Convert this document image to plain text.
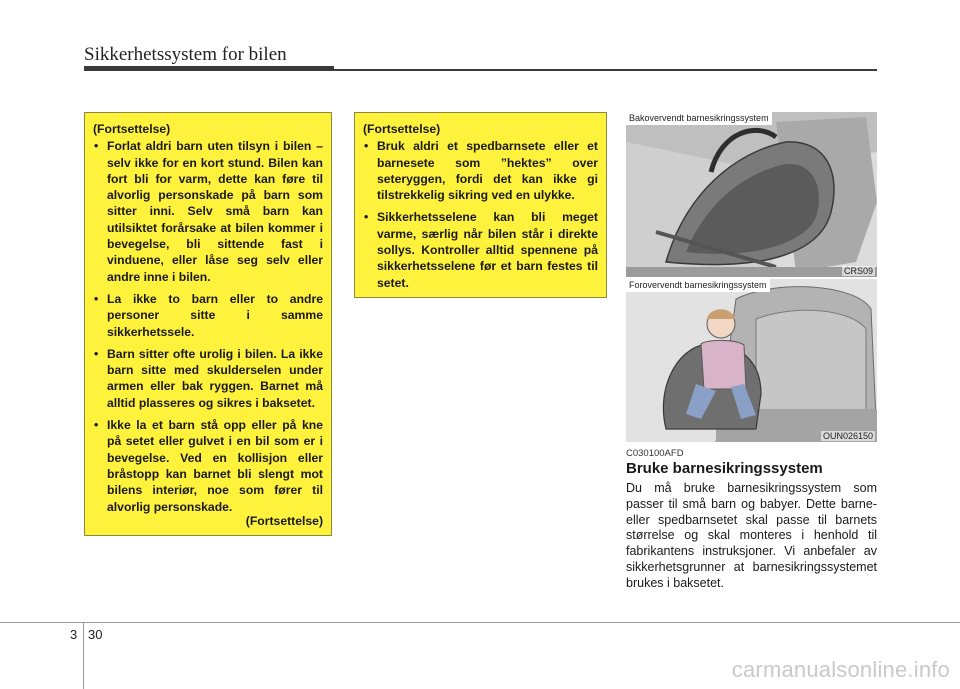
Sikkerhetssystem for bilen
(Fortsettelse)
• Forlat aldri barn uten tilsyn i bilen – selv ikke for en kort stund. Bilen kan fort bli for varm, dette kan føre til alvorlig personskade på barn som sitter inni. Selv små barn kan utilsiktet forårsake at bilen kommer i bevegelse, bli sittende fast i vinduene, eller låse seg selv eller andre inne i bilen.
• La ikke to barn eller to andre personer sitte i samme sikkerhetssele.
• Barn sitter ofte urolig i bilen. La ikke barn sitte med skulderselen under armen eller bak ryggen. Barnet må alltid plasseres og sikres i baksetet.
• Ikke la et barn stå opp eller på kne på setet eller gulvet i en bil som er i bevegelse. Ved en kollisjon eller bråstopp kan barnet bli slengt mot bilens interiør, noe som fører til alvorlig personskade.
(Fortsettelse)
(Fortsettelse)
• Bruk aldri et spedbarnsete eller et barnesete som ”hektes” over seteryggen, fordi det kan ikke gi tilstrekkelig sikring ved en ulykke.
• Sikkerhetsselene kan bli meget varme, særlig når bilen står i direkte sollys. Kontroller alltid spennene på sikkerhetsselene før et barn festes til setet.
Bakovervendt barnesikringssystem
CRS09
Forovervendt barnesikringssystem
OUN026150
C030100AFD
Bruke barnesikringssystem
Du må bruke barnesikringssystem som passer til små barn og babyer. Dette barne- eller spedbarnsetet skal passe til barnets størrelse og skal monteres i henhold til fabrikantens instruksjoner. Vi anbefaler av sikkerhetsgrunner at barnesikringssystemet brukes i baksetet.
3 30
carmanualsonline.info
